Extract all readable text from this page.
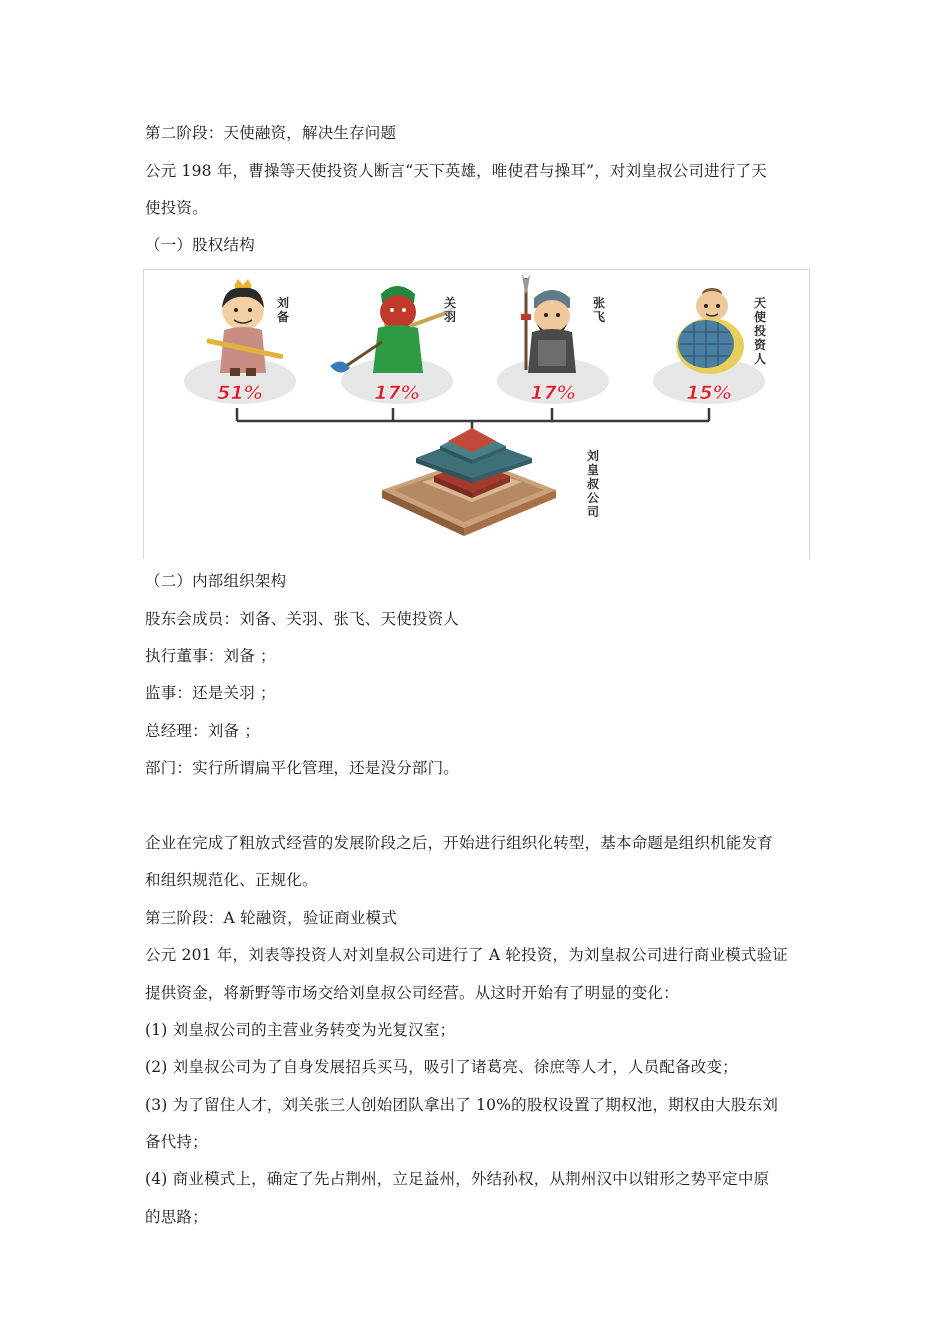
第二阶段：天使融资，解决生存问题
公元 198 年，曹操等天使投资人断言“天下英雄，唯使君与操耳”，对刘皇叔公司进行了天
使投资。
（一）股权结构
刘
备
关
羽
张
飞
天
使
投
资
人
51%	17%	17%	15%
刘
皇
叔
公
司
（二）内部组织架构
股东会成员：刘备、关羽、张飞、天使投资人
执行董事：刘备 ；
监事：还是关羽 ；
总经理：刘备 ；
部门：实行所谓扁平化管理，还是没分部门。
企业在完成了粗放式经营的发展阶段之后，开始进行组织化转型，基本命题是组织机能发育
和组织规范化、正规化。
第三阶段：A 轮融资，验证商业模式
公元 201 年，刘表等投资人对刘皇叔公司进行了 A 轮投资，为刘皇叔公司进行商业模式验证
提供资金，将新野等市场交给刘皇叔公司经营。从这时开始有了明显的变化：
(1) 刘皇叔公司的主营业务转变为光复汉室；
(2) 刘皇叔公司为了自身发展招兵买马，吸引了诸葛亮、徐庶等人才，人员配备改变；
(3) 为了留住人才，刘关张三人创始团队拿出了 10%的股权设置了期权池，期权由大股东刘
备代持；
(4) 商业模式上，确定了先占荆州，立足益州，外结孙权，从荆州汉中以钳形之势平定中原
的思路；
